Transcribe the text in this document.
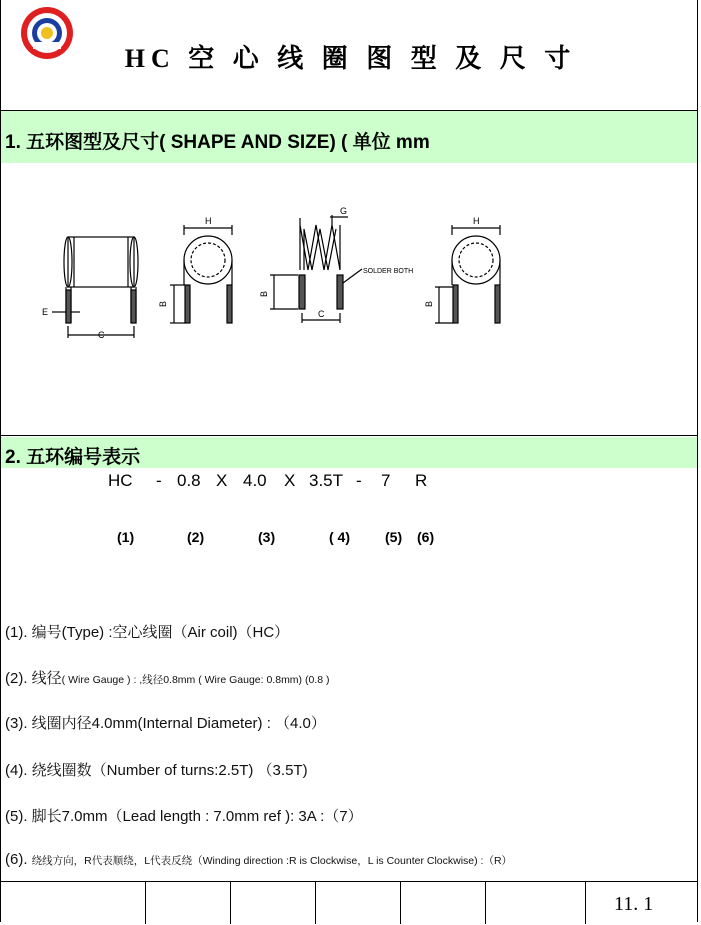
HC 空 心 线 圈 图 型 及 尺 寸
1. 五环图型及尺寸( SHAPE AND SIZE) ( 单位 mm
H
G
H
E
C
B
B
C
B
SOLDER BOTH
2. 五环编号表示
HC - 0.8 X 4.0 X 3.5T - 7 R
(1)	(2)	(3)	( 4)	(5) (6)
(1). 编号(Type) :空心线圈（Air coil)（HC）
(2). 线径( Wire Gauge ) : ,线径0.8mm ( Wire Gauge: 0.8mm) (0.8 )
(3). 线圈内径4.0mm(Internal Diameter) : （4.0）
(4). 绕线圈数（Number of turns:2.5T) （3.5T)
(5). 脚长7.0mm（Lead length : 7.0mm ref ): 3A :（7）
(6). 绕线方向，R代表顺绕，L代表反绕（Winding direction :R is Clockwise，L is Counter Clockwise) :（R）
11. 1
